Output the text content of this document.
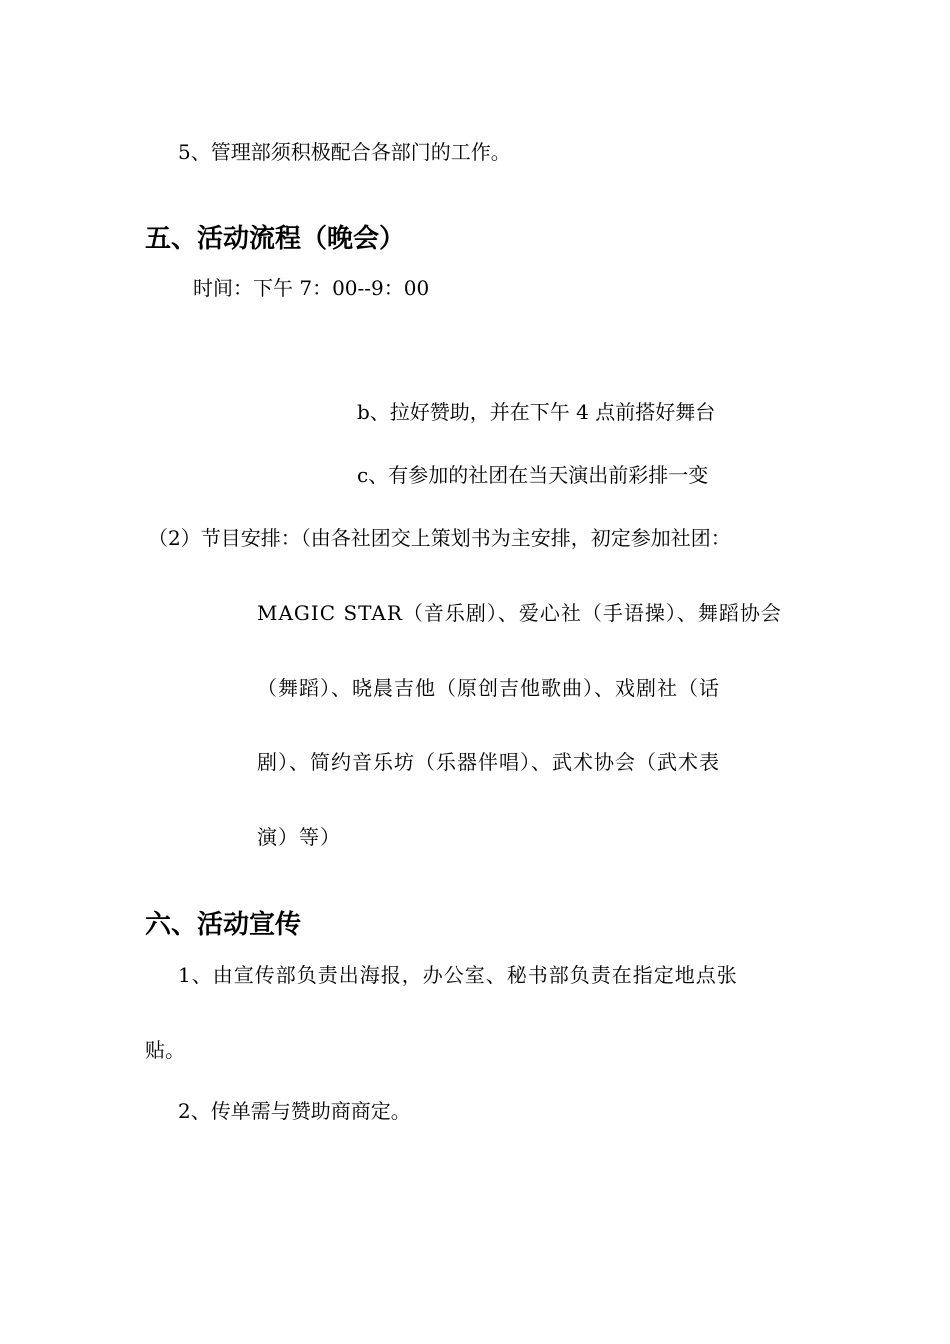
5、管理部须积极配合各部门的工作。
五、活动流程（晚会）
时间：下午 7：00--9：00
b、拉好赞助，并在下午 4 点前搭好舞台
c、有参加的社团在当天演出前彩排一变
（2）节目安排：（由各社团交上策划书为主安排，初定参加社团：
MAGIC STAR（音乐剧）、爱心社（手语操）、舞蹈协会
（舞蹈）、晓晨吉他（原创吉他歌曲）、戏剧社（话
剧）、简约音乐坊（乐器伴唱）、武术协会（武术表
演）等）
六、活动宣传
1、由宣传部负责出海报，办公室、秘书部负责在指定地点张
贴。
2、传单需与赞助商商定。
